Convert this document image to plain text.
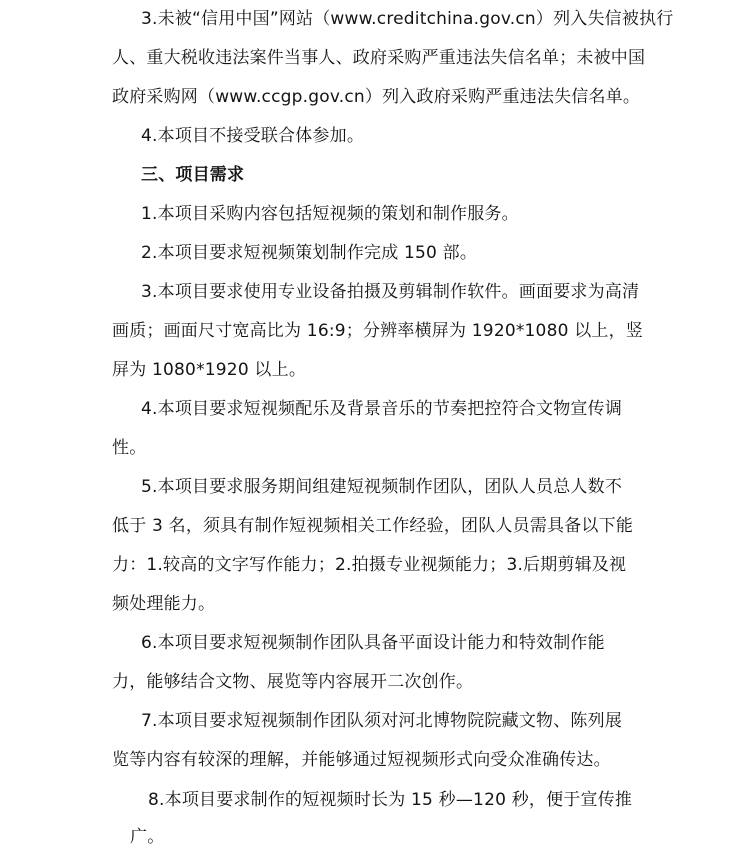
3.未被“信用中国”网站（www.creditchina.gov.cn）列入失信被执行
人、重大税收违法案件当事人、政府采购严重违法失信名单；未被中国
政府采购网（www.ccgp.gov.cn）列入政府采购严重违法失信名单。
4.本项目不接受联合体参加。
三、项目需求
1.本项目采购内容包括短视频的策划和制作服务。
2.本项目要求短视频策划制作完成 150 部。
3.本项目要求使用专业设备拍摄及剪辑制作软件。画面要求为高清
画质；画面尺寸宽高比为 16:9；分辨率横屏为 1920*1080 以上，竖
屏为 1080*1920 以上。
4.本项目要求短视频配乐及背景音乐的节奏把控符合文物宣传调
性。
5.本项目要求服务期间组建短视频制作团队，团队人员总人数不
低于 3 名，须具有制作短视频相关工作经验，团队人员需具备以下能
力：1.较高的文字写作能力；2.拍摄专业视频能力；3.后期剪辑及视
频处理能力。
6.本项目要求短视频制作团队具备平面设计能力和特效制作能
力，能够结合文物、展览等内容展开二次创作。
7.本项目要求短视频制作团队须对河北博物院院藏文物、陈列展
览等内容有较深的理解，并能够通过短视频形式向受众准确传达。
8.本项目要求制作的短视频时长为 15 秒—120 秒，便于宣传推
广。
